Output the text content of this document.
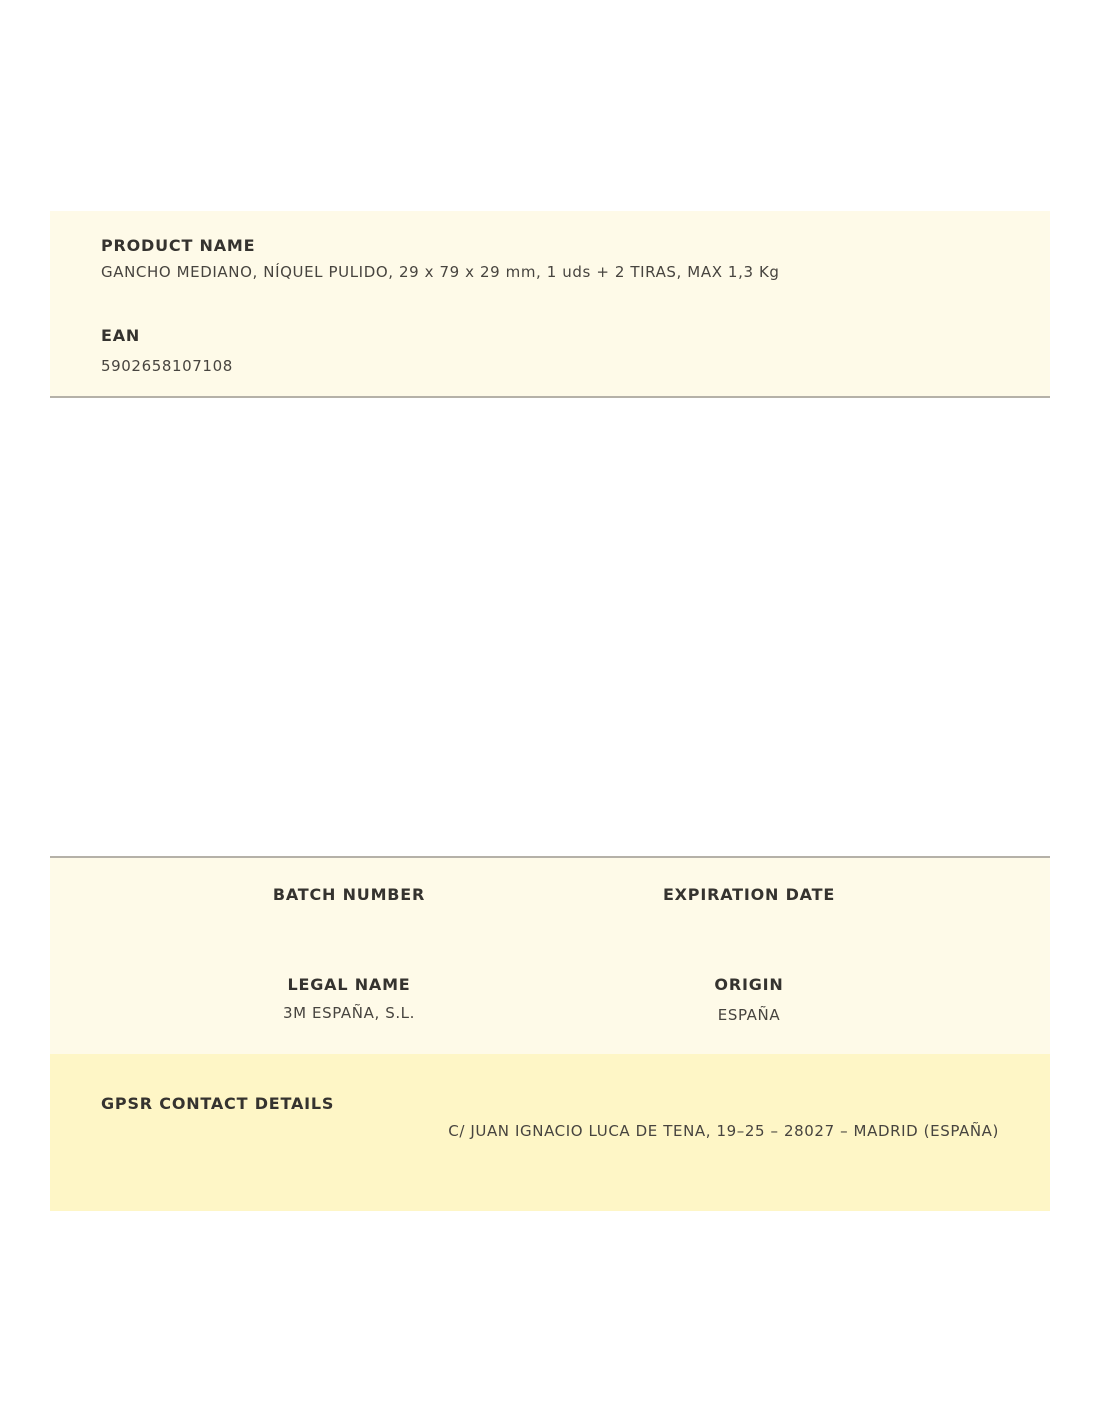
PRODUCT NAME
GANCHO MEDIANO, NÍQUEL PULIDO, 29 x 79 x 29 mm, 1 uds + 2 TIRAS, MAX 1,3 Kg
EAN
5902658107108
BATCH NUMBER	EXPIRATION DATE
LEGAL NAME
3M ESPAÑA, S.L.
ORIGIN
ESPAÑA
GPSR CONTACT DETAILS
C/ JUAN IGNACIO LUCA DE TENA, 19–25 – 28027 – MADRID (ESPAÑA)
